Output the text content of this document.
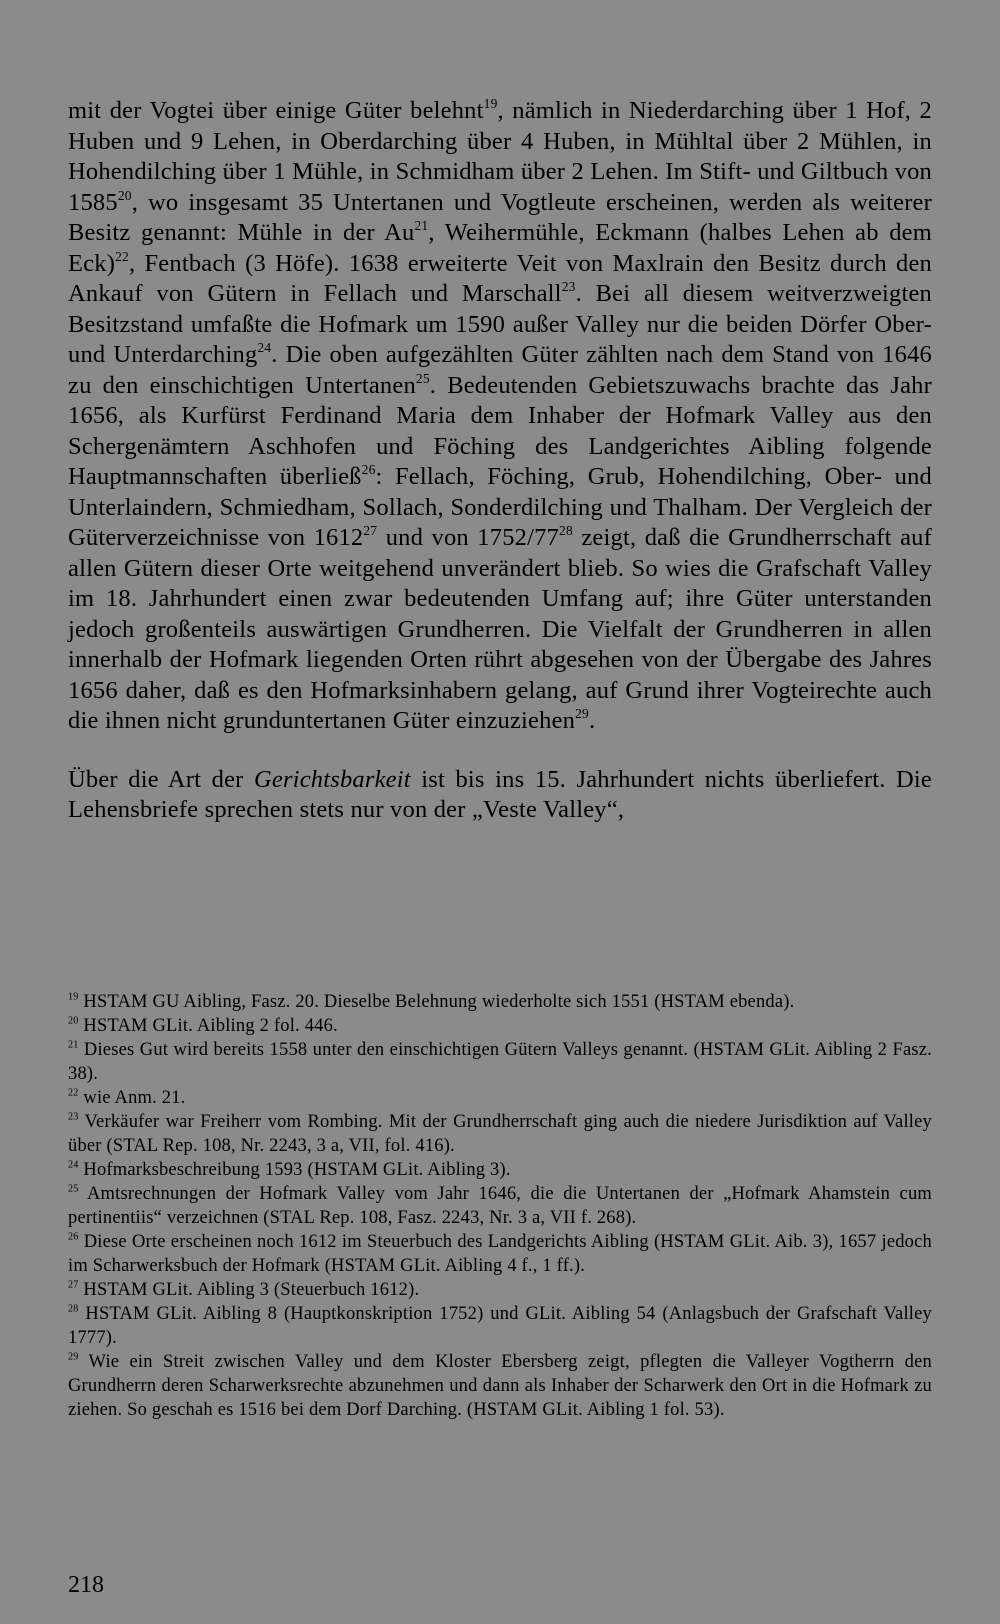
mit der Vogtei über einige Güter belehnt$^{19}$, nämlich in Niederdarching über 1 Hof, 2 Huben und 9 Lehen, in Oberdarching über 4 Huben, in Mühltal über 2 Mühlen, in Hohendilching über 1 Mühle, in Schmidham über 2 Lehen. Im Stift- und Giltbuch von 1585$^{20}$, wo insgesamt 35 Untertanen und Vogtleute erscheinen, werden als weiterer Besitz genannt: Mühle in der Au$^{21}$, Weihermühle, Eckmann (halbes Lehen ab dem Eck)$^{22}$, Fentbach (3 Höfe). 1638 erweiterte Veit von Maxlrain den Besitz durch den Ankauf von Gütern in Fellach und Marschall$^{23}$. Bei all diesem weitverzweigten Besitzstand umfaßte die Hofmark um 1590 außer Valley nur die beiden Dörfer Ober- und Unterdarching$^{24}$. Die oben aufgezählten Güter zählten nach dem Stand von 1646 zu den einschichtigen Untertanen$^{25}$. Bedeutenden Gebietszuwachs brachte das Jahr 1656, als Kurfürst Ferdinand Maria dem Inhaber der Hofmark Valley aus den Schergenämtern Aschhofen und Föching des Landgerichtes Aibling folgende Hauptmannschaften überließ$^{26}$: Fellach, Föching, Grub, Hohendilching, Ober- und Unterlaindern, Schmiedham, Sollach, Sonderdilching und Thalham. Der Vergleich der Güterverzeichnisse von 1612$^{27}$ und von $1752/77^{28}$ zeigt, daß die Grundherrschaft auf allen Gütern dieser Orte weitgehend unverändert blieb. So wies die Grafschaft Valley im 18. Jahrhundert einen zwar bedeutenden Umfang auf; ihre Güter unterstanden jedoch großenteils auswärtigen Grundherren. Die Vielfalt der Grundherren in allen innerhalb der Hofmark liegenden Orten rührt abgesehen von der Übergabe des Jahres 1656 daher, daß es den Hofmarksinhabern gelang, auf Grund ihrer Vogteirechte auch die ihnen nicht grunduntertanen Güter einzuziehen$^{29}$.

Über die Art der Gerichtsbarkeit ist bis ins 15. Jahrhundert nichts überliefert. Die Lehensbriefe sprechen stets nur von der „Veste Valley“,

$^{19}$ HSTAM GU Aibling, Fasz. 20. Dieselbe Belehnung wiederholte sich 1551 (HSTAM ebenda).
$^{20}$ HSTAM GLit. Aibling 2 fol. 446.
$^{21}$ Dieses Gut wird bereits 1558 unter den einschichtigen Gütern Valleys genannt. (HSTAM GLit. Aibling 2 Fasz. 38).
$^{22}$ wie Anm. 21.
$^{23}$ Verkäufer war Freiherr vom Rombing. Mit der Grundherrschaft ging auch die niedere Jurisdiktion auf Valley über (STAL Rep. 108, Nr. 2243, 3 a, VII, fol. 416).
$^{24}$ Hofmarksbeschreibung 1593 (HSTAM GLit. Aibling 3).
$^{25}$ Amtsrechnungen der Hofmark Valley vom Jahr 1646, die die Untertanen der „Hofmark Ahamstein cum pertinentiis“ verzeichnen (STAL Rep. 108, Fasz. 2243, Nr. 3 a, VII f. 268).
$^{26}$ Diese Orte erscheinen noch 1612 im Steuerbuch des Landgerichts Aibling (HSTAM GLit. Aib. 3), 1657 jedoch im Scharwerksbuch der Hofmark (HSTAM GLit. Aibling 4 f., 1 ff.).
$^{27}$ HSTAM GLit. Aibling 3 (Steuerbuch 1612).
$^{28}$ HSTAM GLit. Aibling 8 (Hauptkonskription 1752) und GLit. Aibling 54 (Anlagsbuch der Grafschaft Valley 1777).
$^{29}$ Wie ein Streit zwischen Valley und dem Kloster Ebersberg zeigt, pflegten die Valleyer Vogtherrn den Grundherrn deren Scharwerksrechte abzunehmen und dann als Inhaber der Scharwerk den Ort in die Hofmark zu ziehen. So geschah es 1516 bei dem Dorf Darching. (HSTAM GLit. Aibling 1 fol. 53).
218
